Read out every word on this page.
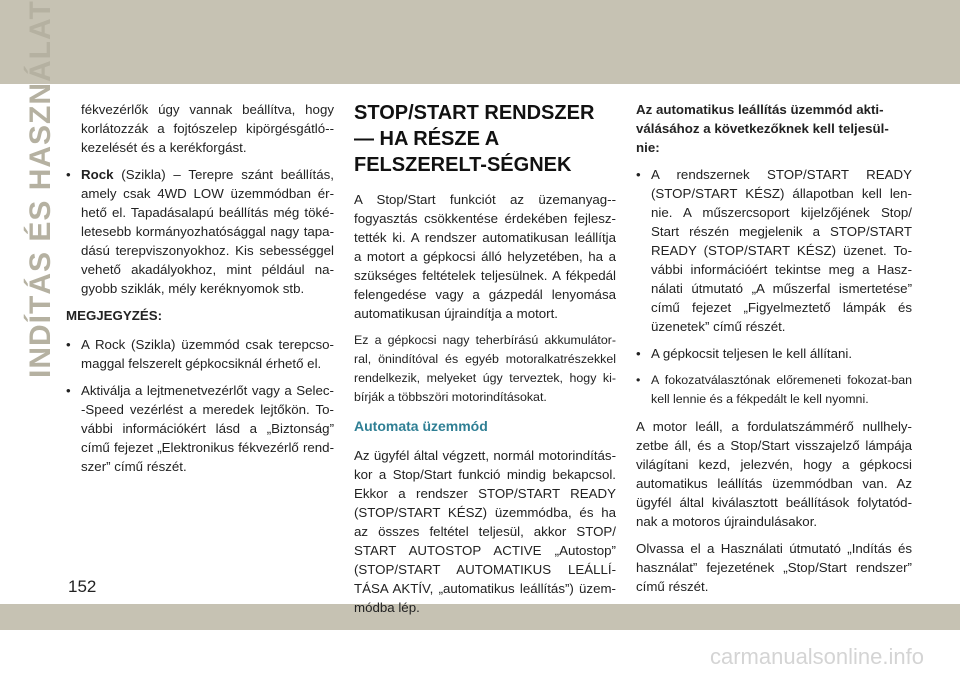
INDÍTÁS ÉS HASZNÁLAT	fékvezérlők úgy vannak beállítva, hogy korlátozzák a fojtószelep kipörgésgátló--kezelését és a kerékforgást.

• Rock (Szikla) – Terepre szánt beállítás, amely csak 4WD LOW üzemmódban ér-hető el. Tapadásalapú beállítás még töké-letesebb kormányozhatósággal nagy tapa-dású terepviszonyokhoz. Kis sebességgel vehető akadályokhoz, mint például na-gyobb sziklák, mély keréknyomok stb.
MEGJEGYZÉS:
• A Rock (Szikla) üzemmód csak terepcso-maggal felszerelt gépkocsiknál érhető el.
• Aktiválja a lejtmenetvezérlőt vagy a Selec--Speed vezérlést a meredek lejtőkön. To-vábbi információkért lásd a „Biztonság” című fejezet „Elektronikus fékvezérlő rend-szer” című részét.
STOP/START RENDSZER — HA RÉSZE A FELSZERELT-SÉGNEK

A Stop/Start funkciót az üzemanyag--fogyasztás csökkentése érdekében fejlesz-tették ki. A rendszer automatikusan leállítja a motort a gépkocsi álló helyzetében, ha a szükséges feltételek teljesülnek. A fékpedál felengedése vagy a gázpedál lenyomása automatikusan újraindítja a motort.

Ez a gépkocsi nagy teherbírású akkumulátor-ral, önindítóval és egyéb motoralkatrészekkel rendelkezik, melyeket úgy terveztek, hogy ki-bírják a többszöri motorindításokat.

Automata üzemmód

Az ügyfél által végzett, normál motorindítás-kor a Stop/Start funkció mindig bekapcsol. Ekkor a rendszer STOP/START READY (STOP/START KÉSZ) üzemmódba, és ha az összes feltétel teljesül, akkor STOP/ START AUTOSTOP ACTIVE „Autostop” (STOP/START AUTOMATIKUS LEÁLLÍ-TÁSA AKTÍV, „automatikus leállítás”) üzem-módba lép.

Az automatikus leállítás üzemmód akti-válásához a következőknek kell teljesül-nie:

• A rendszernek STOP/START READY (STOP/START KÉSZ) állapotban kell len-nie. A műszercsoport kijelzőjének Stop/ Start részén megjelenik a STOP/START READY (STOP/START KÉSZ) üzenet. To-vábbi információért tekintse meg a Hasz-nálati útmutató „A műszerfal ismertetése” című fejezet „Figyelmeztető lámpák és üzenetek” című részét.
• A gépkocsit teljesen le kell állítani.
• A fokozatválasztónak előremeneti fokozat-ban kell lennie és a fékpedált le kell nyomni.

A motor leáll, a fordulatszámmérő nullhely-zetbe áll, és a Stop/Start visszajelző lámpája világítani kezd, jelezvén, hogy a gépkocsi automatikus leállítás üzemmódban van. Az ügyfél által kiválasztott beállítások folytatód-nak a motoros újraindulásakor.

Olvassa el a Használati útmutató „Indítás és használat” fejezetének „Stop/Start rendszer” című részét.

152
carmanualsonline.info
